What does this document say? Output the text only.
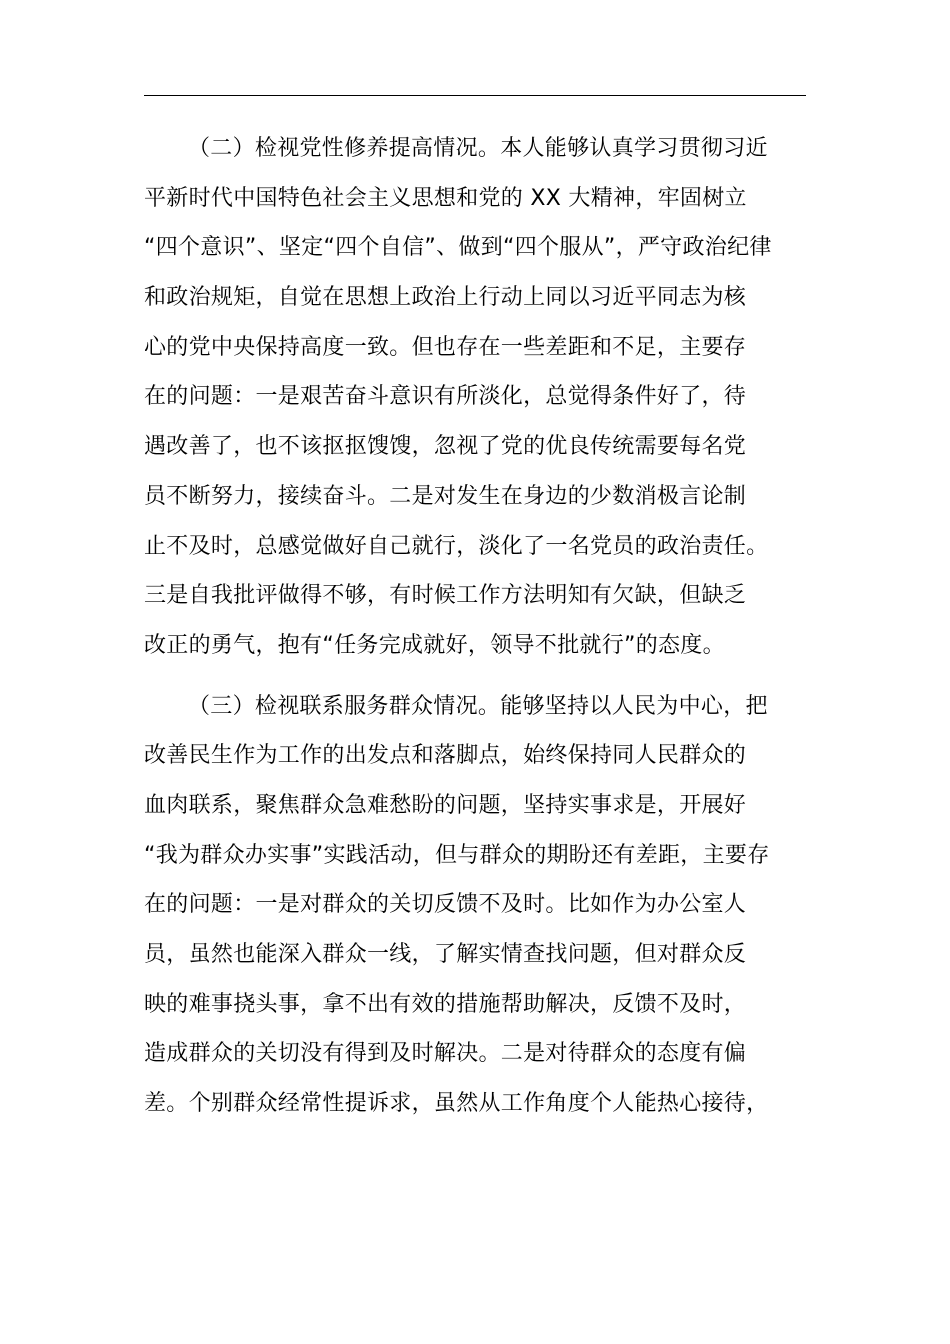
（二）检视党性修养提高情况。本人能够认真学习贯彻习近
平新时代中国特色社会主义思想和党的 XX 大精神，牢固树立
“四个意识”、坚定“四个自信”、做到“四个服从”，严守政治纪律
和政治规矩，自觉在思想上政治上行动上同以习近平同志为核
心的党中央保持高度一致。但也存在一些差距和不足，主要存
在的问题：一是艰苦奋斗意识有所淡化，总觉得条件好了，待
遇改善了，也不该抠抠馊馊，忽视了党的优良传统需要每名党
员不断努力，接续奋斗。二是对发生在身边的少数消极言论制
止不及时，总感觉做好自己就行，淡化了一名党员的政治责任。
三是自我批评做得不够，有时候工作方法明知有欠缺，但缺乏
改正的勇气，抱有“任务完成就好，领导不批就行”的态度。
（三）检视联系服务群众情况。能够坚持以人民为中心，把
改善民生作为工作的出发点和落脚点，始终保持同人民群众的
血肉联系，聚焦群众急难愁盼的问题，坚持实事求是，开展好
“我为群众办实事”实践活动，但与群众的期盼还有差距，主要存
在的问题：一是对群众的关切反馈不及时。比如作为办公室人
员，虽然也能深入群众一线，了解实情查找问题，但对群众反
映的难事挠头事，拿不出有效的措施帮助解决，反馈不及时，
造成群众的关切没有得到及时解决。二是对待群众的态度有偏
差。个别群众经常性提诉求，虽然从工作角度个人能热心接待，
